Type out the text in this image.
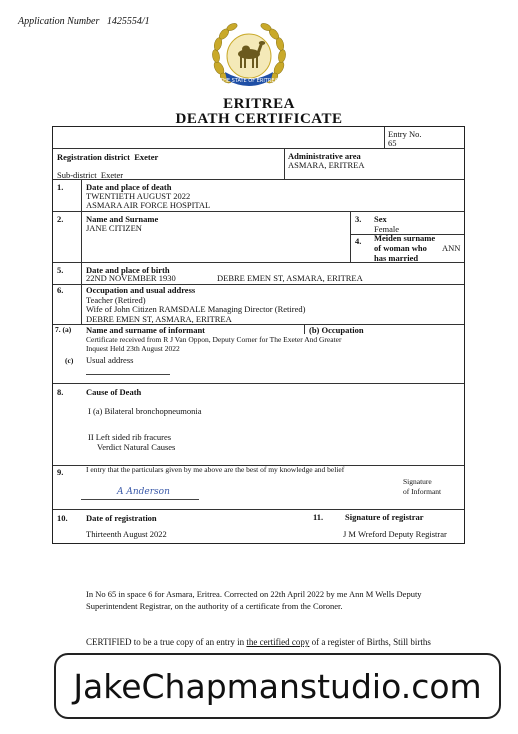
Application Number 1425554/1
THE STATE OF ERITREA
ERITREA
DEATH CERTIFICATE
Entry No.
65
Registration district Exeter	Administrative area
ASMARA, ERITREA
Sub-district Exeter
1.	Date and place of death
TWENTIETH AUGUST 2022
ASMARA AIR FORCE HOSPITAL
2.	Name and Surname
JANE CITIZEN
3. Sex
Female
4. Meiden surname
of woman who
has married
ANN
5.	Date and place of birth
22ND NOVEMBER 1930	DEBRE EMEN ST, ASMARA, ERITREA
6.	Occupation and usual address
Teacher (Retired)
Wife of John Citizen RAMSDALE Managing Director (Retired)
DEBRE EMEN ST, ASMARA, ERITREA
7. (a) Name and surname of informant	(b) Occupation
Certificate received from R J Van Oppon, Deputy Corner for The Exeter And Greater
Inquest Held 23th August 2022
(c) Usual address
8.	Cause of Death
I (a) Bilateral bronchopneumonia
II Left sided rib fracures
Verdict Natural Causes
9.	I entry that the particulars given by me above are the best of my knowledge and belief
Signature
of Informant
A Anderson
10. Date of registration
Thirteenth August 2022
11.	Signature of registrar
J M Wreford Deputy Registrar
In No 65 in space 6 for Asmara, Eritrea. Corrected on 22th April 2022 by me Ann M Wells Deputy Superintendent Registrar, on the authority of a certificate from the Coroner.
CERTIFIED to be a true copy of an entry in the certified copy of a register of Births, Still births
JakeChapmanstudio.com
